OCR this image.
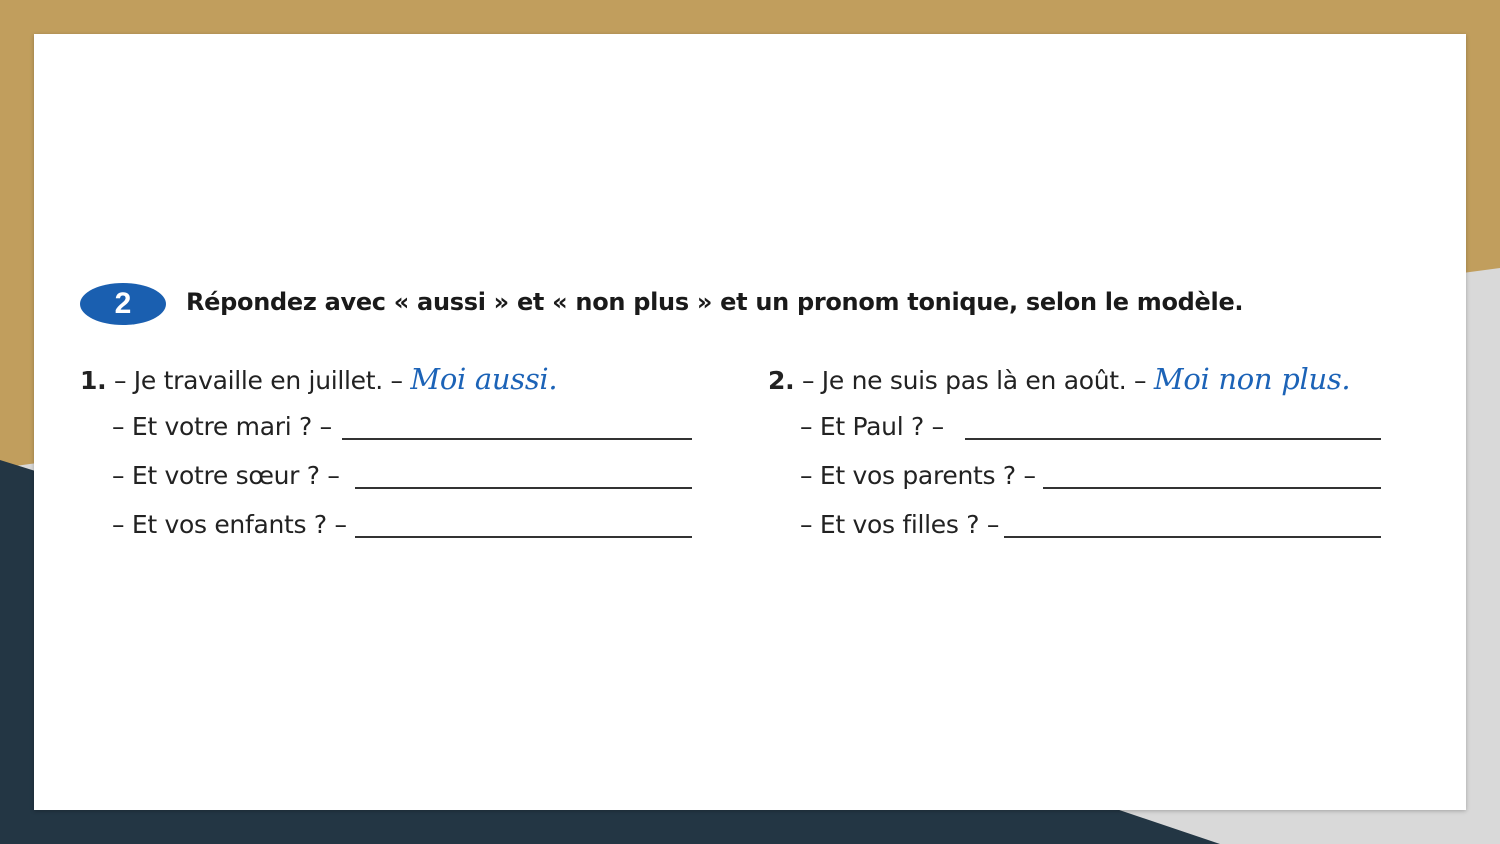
2	Répondez avec « aussi » et « non plus » et un pronom tonique, selon le modèle.
1. – Je travaille en juillet. – Moi aussi.
– Et votre mari ? –
– Et votre sœur ? –
– Et vos enfants ? –
2. – Je ne suis pas là en août. – Moi non plus.
– Et Paul ? –
– Et vos parents ? –
– Et vos filles ? –
